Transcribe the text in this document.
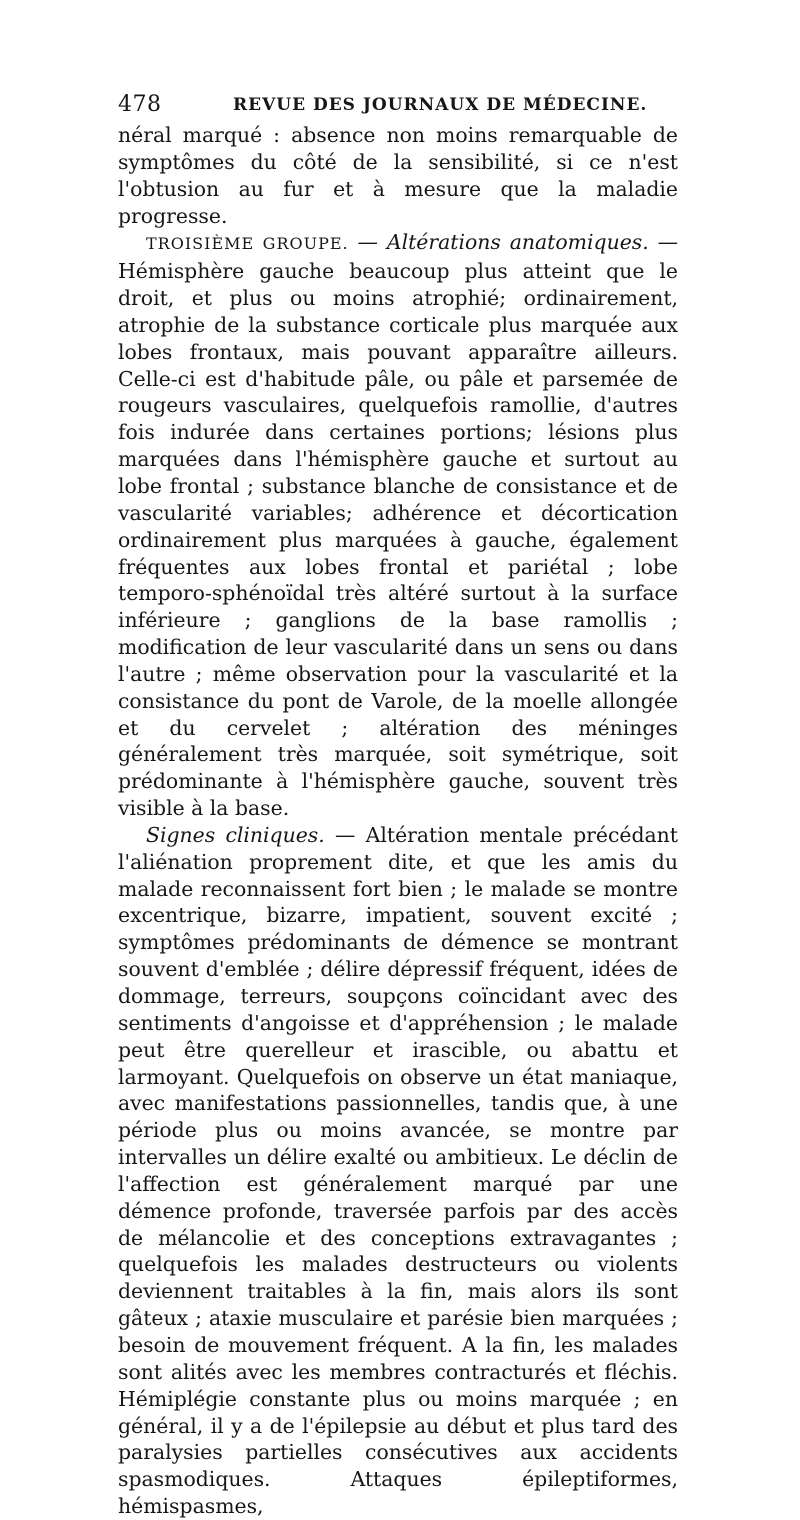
478	REVUE DES JOURNAUX DE MÉDECINE.

néral marqué : absence non moins remarquable de symptômes du côté de la sensibilité, si ce n'est l'obtusion au fur et à mesure que la maladie progresse.

TROISIÈME GROUPE. — Altérations anatomiques. — Hémisphère gauche beaucoup plus atteint que le droit, et plus ou moins atrophié; ordinairement, atrophie de la substance corticale plus marquée aux lobes frontaux, mais pouvant apparaître ailleurs. Celle-ci est d'habitude pâle, ou pâle et parsemée de rougeurs vasculaires, quelquefois ramollie, d'autres fois indurée dans certaines portions; lésions plus marquées dans l'hémisphère gauche et surtout au lobe frontal ; substance blanche de consistance et de vascularité variables; adhérence et décortication ordinairement plus marquées à gauche, également fréquentes aux lobes frontal et pariétal ; lobe temporo-sphénoïdal très altéré surtout à la surface inférieure ; ganglions de la base ramollis ; modification de leur vascularité dans un sens ou dans l'autre ; même observation pour la vascularité et la consistance du pont de Varole, de la moelle allongée et du cervelet ; altération des méninges généralement très marquée, soit symétrique, soit prédominante à l'hémisphère gauche, souvent très visible à la base.

Signes cliniques. — Altération mentale précédant l'aliénation proprement dite, et que les amis du malade reconnaissent fort bien ; le malade se montre excentrique, bizarre, impatient, souvent excité ; symptômes prédominants de démence se montrant souvent d'emblée ; délire dépressif fréquent, idées de dommage, terreurs, soupçons coïncidant avec des sentiments d'angoisse et d'appréhension ; le malade peut être querelleur et irascible, ou abattu et larmoyant. Quelquefois on observe un état maniaque, avec manifestations passionnelles, tandis que, à une période plus ou moins avancée, se montre par intervalles un délire exalté ou ambitieux. Le déclin de l'affection est généralement marqué par une démence profonde, traversée parfois par des accès de mélancolie et des conceptions extravagantes ; quelquefois les malades destructeurs ou violents deviennent traitables à la fin, mais alors ils sont gâteux ; ataxie musculaire et parésie bien marquées ; besoin de mouvement fréquent. A la fin, les malades sont alités avec les membres contracturés et fléchis. Hémiplégie constante plus ou moins marquée ; en général, il y a de l'épilepsie au début et plus tard des paralysies partielles consécutives aux accidents spasmodiques. Attaques épileptiformes, hémispasmes,
